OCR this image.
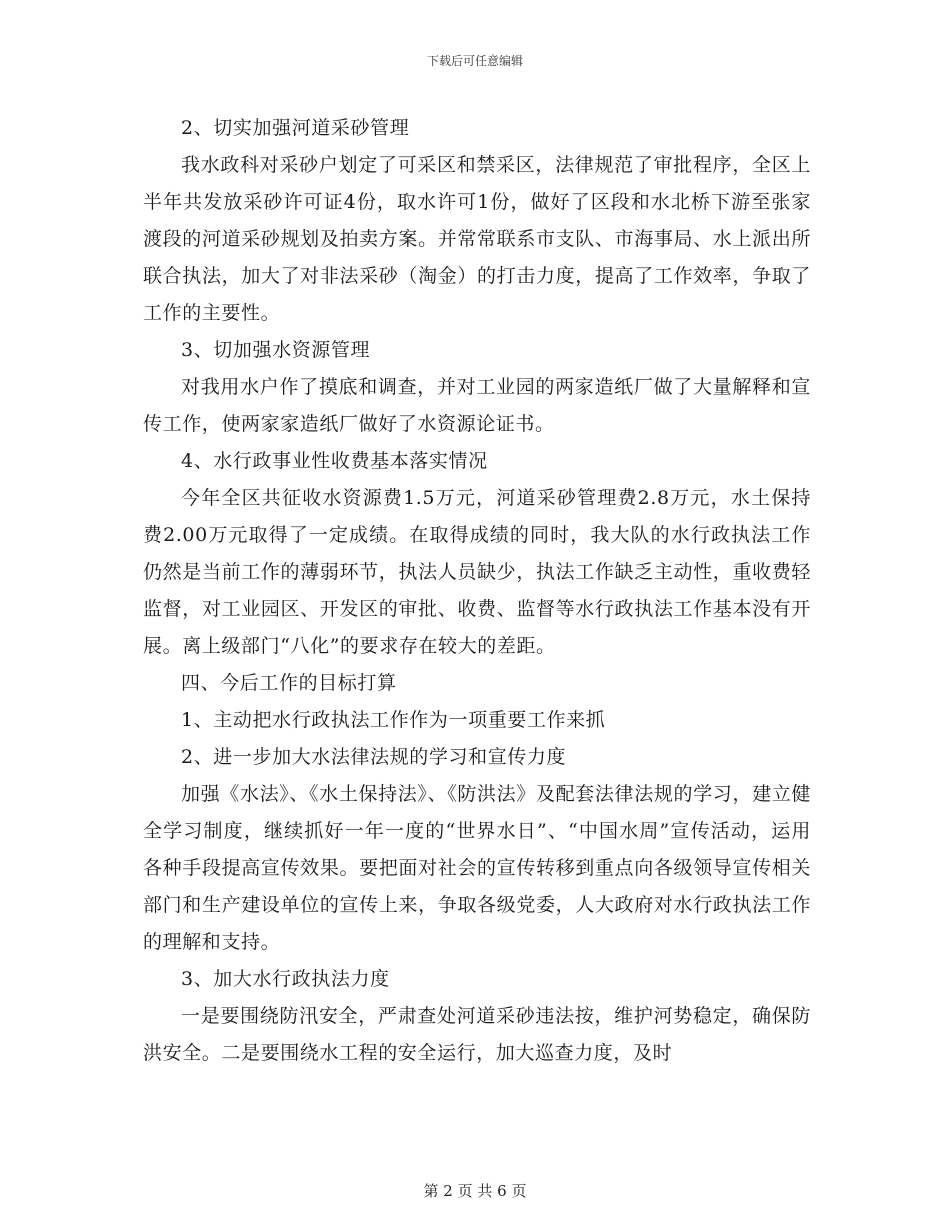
下载后可任意编辑

2、切实加强河道采砂管理

我水政科对采砂户划定了可采区和禁采区，法律规范了审批程序，全区上半年共发放采砂许可证4份，取水许可1份，做好了区段和水北桥下游至张家渡段的河道采砂规划及拍卖方案。并常常联系市支队、市海事局、水上派出所联合执法，加大了对非法采砂（淘金）的打击力度，提高了工作效率，争取了工作的主要性。

3、切加强水资源管理

对我用水户作了摸底和调查，并对工业园的两家造纸厂做了大量解释和宣传工作，使两家家造纸厂做好了水资源论证书。

4、水行政事业性收费基本落实情况

今年全区共征收水资源费1.5万元，河道采砂管理费2.8万元，水土保持费2.00万元取得了一定成绩。在取得成绩的同时，我大队的水行政执法工作仍然是当前工作的薄弱环节，执法人员缺少，执法工作缺乏主动性，重收费轻监督，对工业园区、开发区的审批、收费、监督等水行政执法工作基本没有开展。离上级部门“八化”的要求存在较大的差距。

四、今后工作的目标打算

1、主动把水行政执法工作作为一项重要工作来抓

2、进一步加大水法律法规的学习和宣传力度

加强《水法》、《水土保持法》、《防洪法》及配套法律法规的学习，建立健全学习制度，继续抓好一年一度的“世界水日”、“中国水周”宣传活动，运用各种手段提高宣传效果。要把面对社会的宣传转移到重点向各级领导宣传相关部门和生产建设单位的宣传上来，争取各级党委，人大政府对水行政执法工作的理解和支持。

3、加大水行政执法力度

一是要围绕防汛安全，严肃查处河道采砂违法按，维护河势稳定，确保防洪安全。二是要围绕水工程的安全运行，加大巡查力度，及时

第 2 页 共 6 页
